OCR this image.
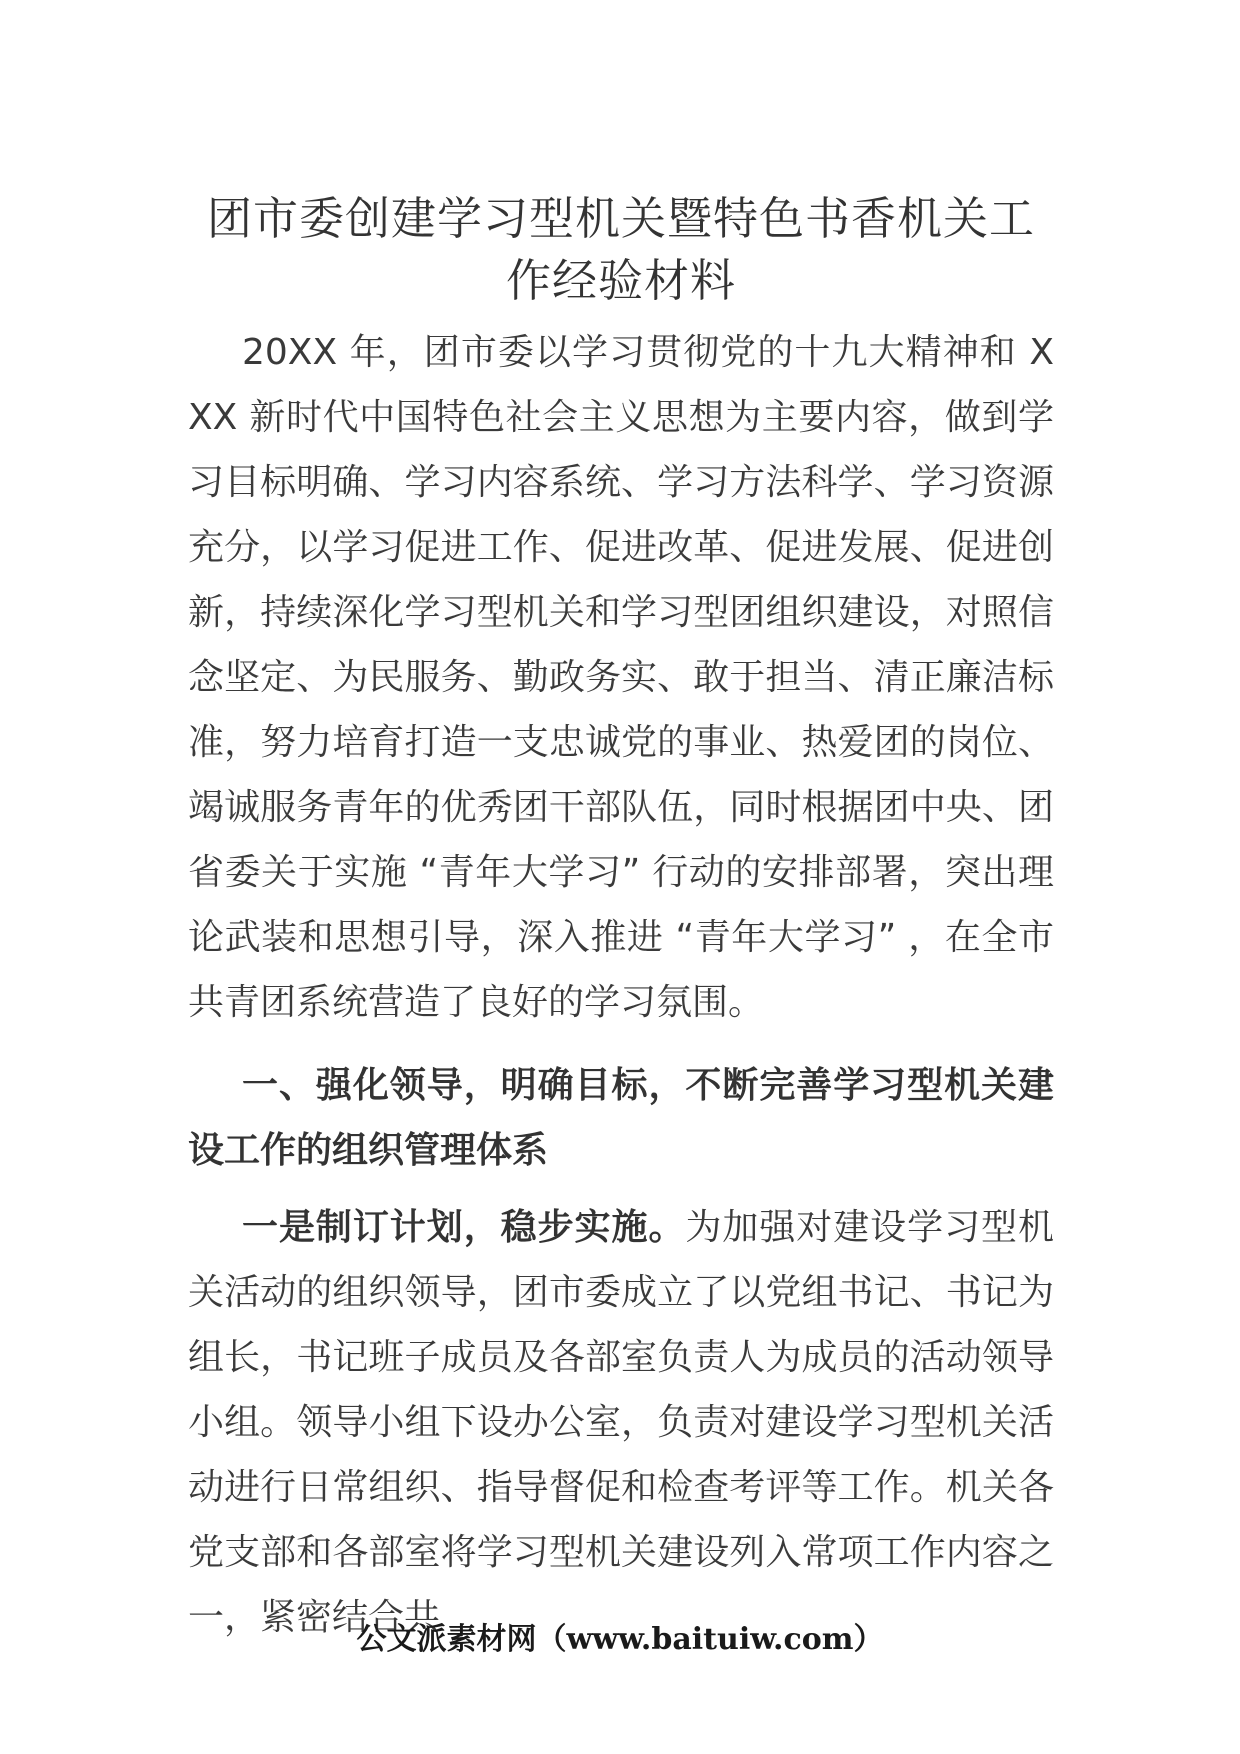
团市委创建学习型机关暨特色书香机关工
作经验材料

20XX 年，团市委以学习贯彻党的十九大精神和 XXX 新时代中国特色社会主义思想为主要内容，做到学习目标明确、学习内容系统、学习方法科学、学习资源充分，以学习促进工作、促进改革、促进发展、促进创新，持续深化学习型机关和学习型团组织建设，对照信念坚定、为民服务、勤政务实、敢于担当、清正廉洁标准，努力培育打造一支忠诚党的事业、热爱团的岗位、竭诚服务青年的优秀团干部队伍，同时根据团中央、团省委关于实施 “青年大学习” 行动的安排部署，突出理论武装和思想引导，深入推进 “青年大学习” ，在全市共青团系统营造了良好的学习氛围。

一、强化领导，明确目标，不断完善学习型机关建设工作的组织管理体系

一是制订计划，稳步实施。为加强对建设学习型机关活动的组织领导，团市委成立了以党组书记、书记为组长，书记班子成员及各部室负责人为成员的活动领导小组。领导小组下设办公室，负责对建设学习型机关活动进行日常组织、指导督促和检查考评等工作。机关各党支部和各部室将学习型机关建设列入常项工作内容之一，紧密结合共

公文派素材网（www.baituiw.com）
